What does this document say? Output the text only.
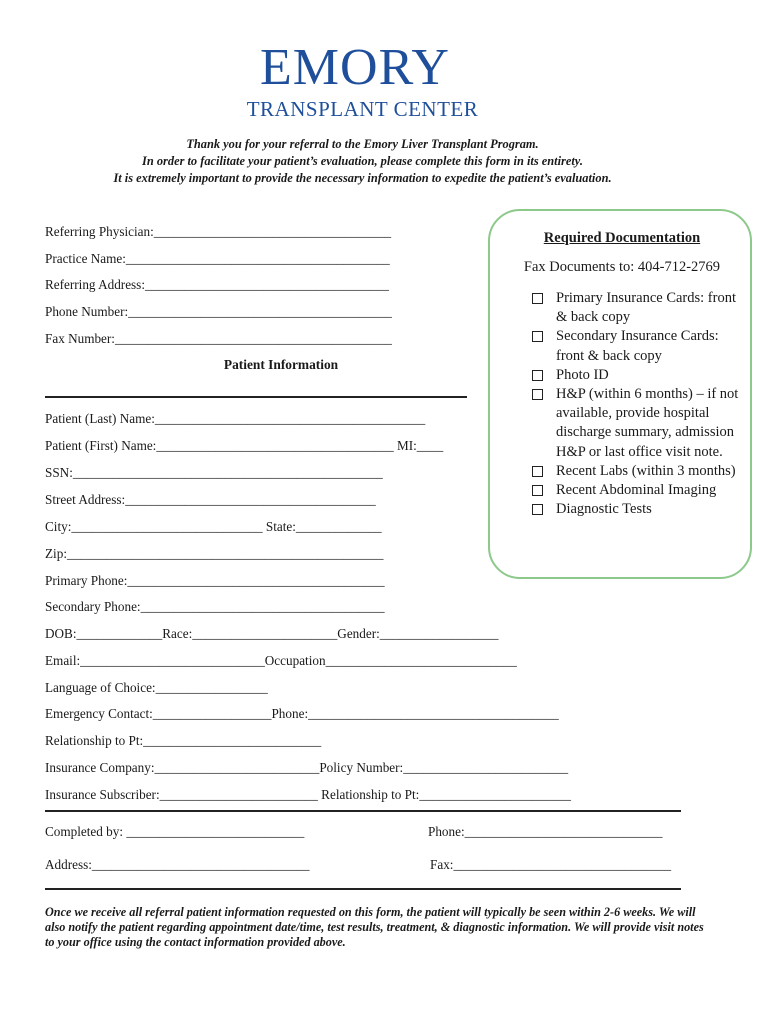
EMORY
TRANSPLANT CENTER
Thank you for your referral to the Emory Liver Transplant Program.
In order to facilitate your patient’s evaluation, please complete this form in its entirety.
It is extremely important to provide the necessary information to expedite the patient’s evaluation.
Referring Physician:____________________________________
Practice Name:________________________________________
Referring Address:_____________________________________
Phone Number:________________________________________
Fax Number:__________________________________________
Patient Information
Patient (Last) Name:_________________________________________
Patient (First) Name:____________________________________ MI:____
SSN:_______________________________________________
Street Address:______________________________________
City:_____________________________ State:_____________
Zip:________________________________________________
Primary Phone:_______________________________________
Secondary Phone:_____________________________________
DOB:_____________Race:______________________Gender:__________________
Email:____________________________Occupation_____________________________
Language of Choice:_________________
Emergency Contact:__________________Phone:______________________________________
Relationship to Pt:___________________________
Insurance Company:_________________________Policy Number:_________________________
Insurance Subscriber:________________________ Relationship to Pt:_______________________
Completed by: ___________________________	Phone:______________________________
Address:_________________________________	Fax:_________________________________
Once we receive all referral patient information requested on this form, the patient will typically be seen within 2-6 weeks. We will also notify the patient regarding appointment date/time, test results, treatment, & diagnostic information. We will provide visit notes to your office using the contact information provided above.
Required Documentation
Fax Documents to: 404-712-2769
Primary Insurance Cards: front & back copy
Secondary Insurance Cards: front & back copy
Photo ID
H&P (within 6 months) – if not available, provide hospital discharge summary, admission H&P or last office visit note.
Recent Labs (within 3 months)
Recent Abdominal Imaging
Diagnostic Tests
